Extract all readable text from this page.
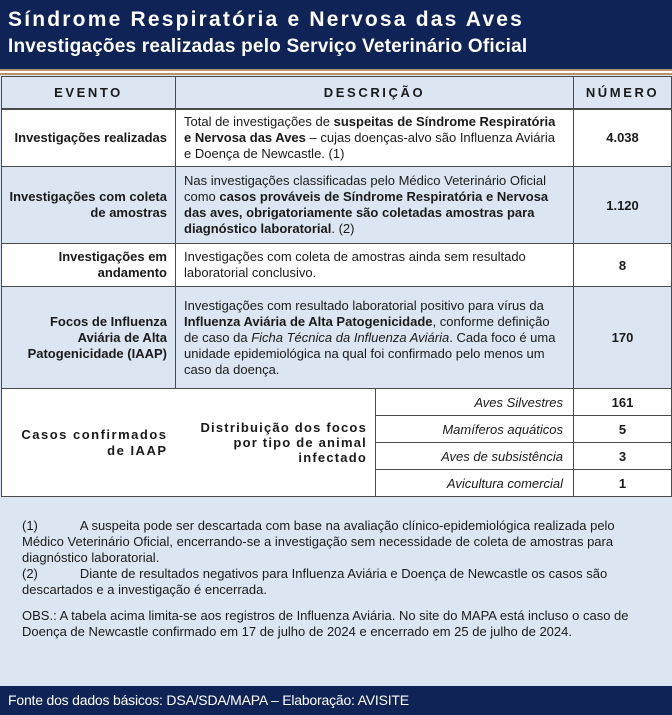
Síndrome Respiratória e Nervosa das Aves
Investigações realizadas pelo Serviço Veterinário Oficial
EVENTO	DESCRIÇÃO		NÚMERO
Investigações realizadas	Total de investigações de suspeitas de Síndrome Respiratória e Nervosa das Aves – cujas doenças-alvo são Influenza Aviária e Doença de Newcastle. (1)		4.038
Investigações com coleta de amostras	Nas investigações classificadas pelo Médico Veterinário Oficial como casos prováveis de Síndrome Respiratória e Nervosa das aves, obrigatoriamente são coletadas amostras para diagnóstico laboratorial. (2)		1.120
Investigações em andamento	Investigações com coleta de amostras ainda sem resultado laboratorial conclusivo.		8
Focos de Influenza Aviária de Alta Patogenicidade (IAAP)	Investigações com resultado laboratorial positivo para vírus da Influenza Aviária de Alta Patogenicidade, conforme definição de caso da Ficha Técnica da Influenza Aviária. Cada foco é uma unidade epidemiológica na qual foi confirmado pelo menos um caso da doença.		170
Casos confirmados de IAAP	Distribuição dos focos por tipo de animal infectado	Aves Silvestres	161
		Mamíferos aquáticos	5
		Aves de subsistência	3
		Avicultura comercial	1

(1)	A suspeita pode ser descartada com base na avaliação clínico-epidemiológica realizada pelo Médico Veterinário Oficial, encerrando-se a investigação sem necessidade de coleta de amostras para diagnóstico laboratorial.

(2)	Diante de resultados negativos para Influenza Aviária e Doença de Newcastle os casos são descartados e a investigação é encerrada.

OBS.: A tabela acima limita-se aos registros de Influenza Aviária. No site do MAPA está incluso o caso de Doença de Newcastle confirmado em 17 de julho de 2024 e encerrado em 25 de julho de 2024.

Fonte dos dados básicos: DSA/SDA/MAPA – Elaboração: AVISITE
